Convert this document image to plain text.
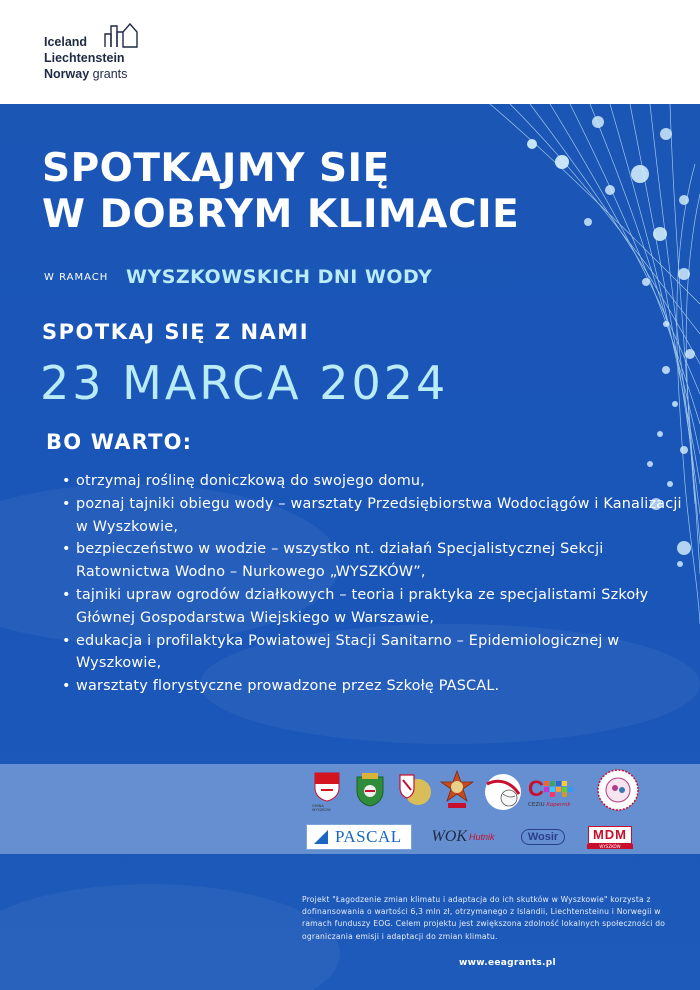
Iceland
Liechtenstein
Norway grants
SPOTKAJMY SIĘ
W DOBRYM KLIMACIE
W RAMACH WYSZKOWSKICH DNI WODY
SPOTKAJ SIĘ Z NAMI
23 MARCA 2024
BO WARTO:
• otrzymaj roślinę doniczkową do swojego domu,
• poznaj tajniki obiegu wody – warsztaty Przedsiębiorstwa Wodociągów i Kanalizacji w Wyszkowie,
• bezpieczeństwo w wodzie – wszystko nt. działań Specjalistycznej Sekcji Ratownictwa Wodno – Nurkowego „WYSZKÓW”,
• tajniki upraw ogrodów działkowych – teoria i praktyka ze specjalistami Szkoły Głównej Gospodarstwa Wiejskiego w Warszawie,
• edukacja i profilaktyka Powiatowej Stacji Sanitarno – Epidemiologicznej w Wyszkowie,
• warsztaty florystyczne prowadzone przez Szkołę PASCAL.
GMINA WYSZKÓW
C
CEZiU Kopernik
PASCAL WOK Hutnik	Wosir	MDM
WYSZKÓW
Projekt "Łagodzenie zmian klimatu i adaptacja do ich skutków w Wyszkowie" korzysta z dofinansowania o wartości 6,3 mln zł, otrzymanego z Islandii, Liechtensteinu i Norwegii w ramach funduszy EOG. Celem projektu jest zwiększona zdolność lokalnych społeczności do ograniczania emisji i adaptacji do zmian klimatu.
www.eeagrants.pl
